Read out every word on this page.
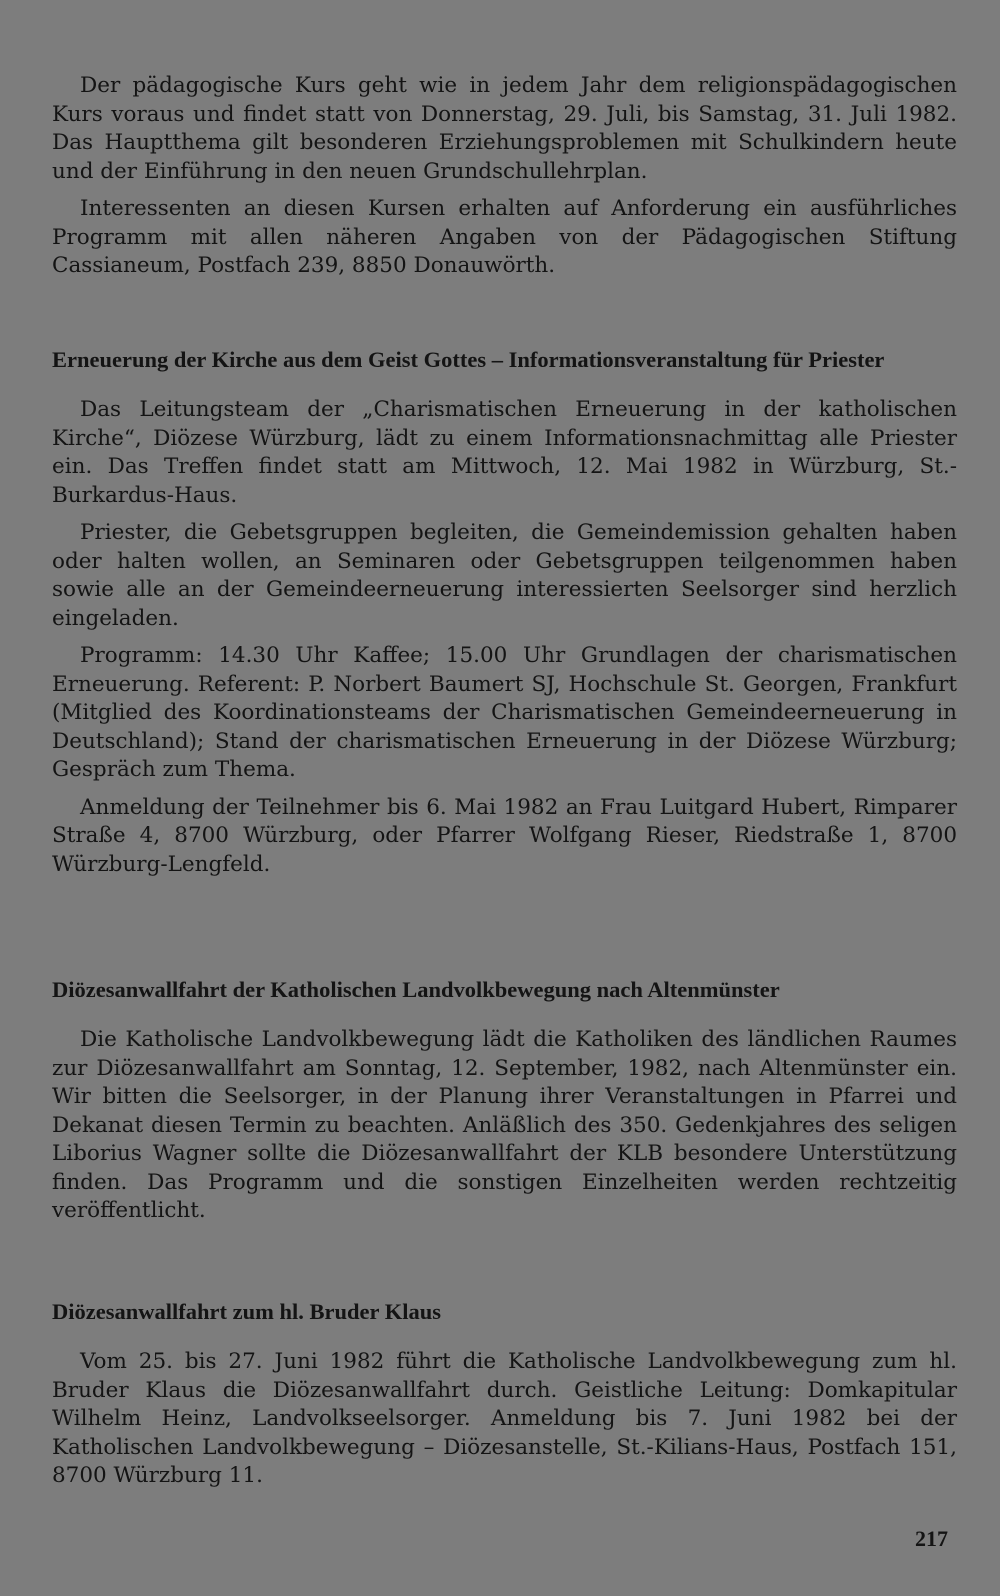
Der pädagogische Kurs geht wie in jedem Jahr dem religionspädagogischen Kurs voraus und findet statt von Donnerstag, 29. Juli, bis Samstag, 31. Juli 1982. Das Hauptthema gilt besonderen Erziehungsproblemen mit Schulkindern heute und der Einführung in den neuen Grundschullehrplan.

Interessenten an diesen Kursen erhalten auf Anforderung ein ausführliches Programm mit allen näheren Angaben von der Pädagogischen Stiftung Cassianeum, Postfach 239, 8850 Donauwörth.

Erneuerung der Kirche aus dem Geist Gottes – Informationsveranstaltung für Priester

Das Leitungsteam der „Charismatischen Erneuerung in der katholischen Kirche“, Diözese Würzburg, lädt zu einem Informationsnachmittag alle Priester ein. Das Treffen findet statt am Mittwoch, 12. Mai 1982 in Würzburg, St.-Burkardus-Haus.

Priester, die Gebetsgruppen begleiten, die Gemeindemission gehalten haben oder halten wollen, an Seminaren oder Gebetsgruppen teilgenommen haben sowie alle an der Gemeindeerneuerung interessierten Seelsorger sind herzlich eingeladen.

Programm: 14.30 Uhr Kaffee; 15.00 Uhr Grundlagen der charismatischen Erneuerung. Referent: P. Norbert Baumert SJ, Hochschule St. Georgen, Frankfurt (Mitglied des Koordinationsteams der Charismatischen Gemeindeerneuerung in Deutschland); Stand der charismatischen Erneuerung in der Diözese Würzburg; Gespräch zum Thema.

Anmeldung der Teilnehmer bis 6. Mai 1982 an Frau Luitgard Hubert, Rimparer Straße 4, 8700 Würzburg, oder Pfarrer Wolfgang Rieser, Riedstraße 1, 8700 Würzburg-Lengfeld.

Diözesanwallfahrt der Katholischen Landvolkbewegung nach Altenmünster

Die Katholische Landvolkbewegung lädt die Katholiken des ländlichen Raumes zur Diözesanwallfahrt am Sonntag, 12. September, 1982, nach Altenmünster ein. Wir bitten die Seelsorger, in der Planung ihrer Veranstaltungen in Pfarrei und Dekanat diesen Termin zu beachten. Anläßlich des 350. Gedenkjahres des seligen Liborius Wagner sollte die Diözesanwallfahrt der KLB besondere Unterstützung finden. Das Programm und die sonstigen Einzelheiten werden rechtzeitig veröffentlicht.

Diözesanwallfahrt zum hl. Bruder Klaus

Vom 25. bis 27. Juni 1982 führt die Katholische Landvolkbewegung zum hl. Bruder Klaus die Diözesanwallfahrt durch. Geistliche Leitung: Domkapitular Wilhelm Heinz, Landvolkseelsorger. Anmeldung bis 7. Juni 1982 bei der Katholischen Landvolkbewegung – Diözesanstelle, St.-Kilians-Haus, Postfach 151, 8700 Würzburg 11.

217
